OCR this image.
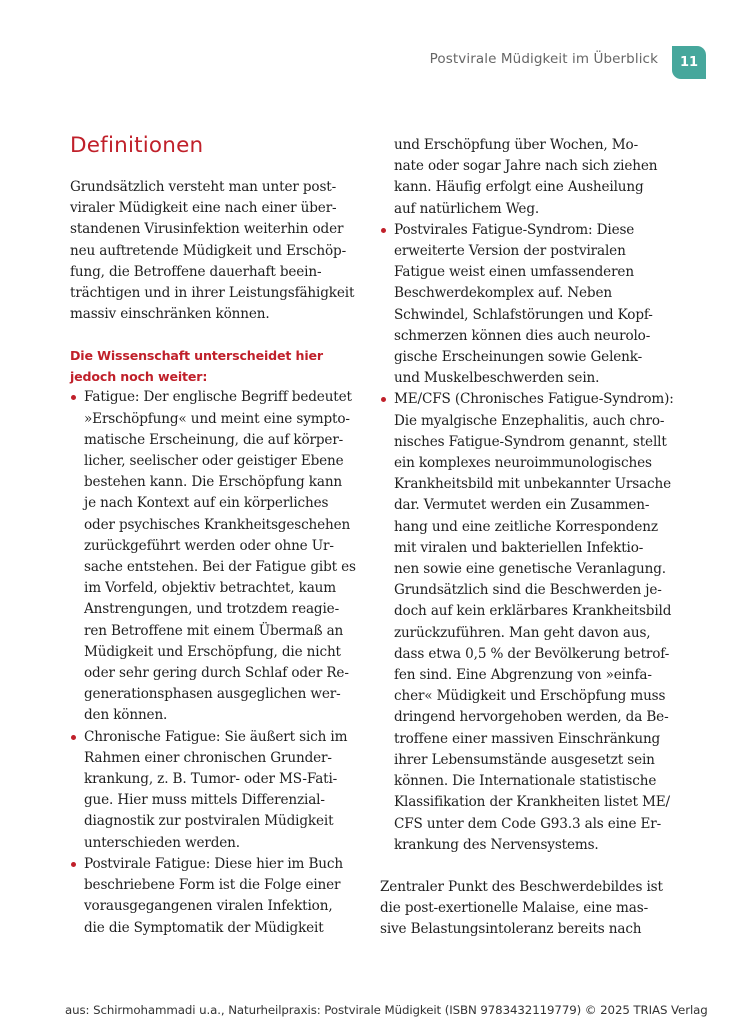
Postvirale Müdigkeit im Überblick	11
Definitionen

Grundsätzlich versteht man unter post-
viraler Müdigkeit eine nach einer über-
standenen Virusinfektion weiterhin oder
neu auftretende Müdigkeit und Erschöp-
fung, die Betroffene dauerhaft beein-
trächtigen und in ihrer Leistungsfähigkeit
massiv einschränken können.

Die Wissenschaft unterscheidet hier
jedoch noch weiter:

Fatigue: Der englische Begriff bedeutet
»Erschöpfung« und meint eine sympto-
matische Erscheinung, die auf körper-
licher, seelischer oder geistiger Ebene
bestehen kann. Die Erschöpfung kann
je nach Kontext auf ein körperliches
oder psychisches Krankheitsgeschehen
zurückgeführt werden oder ohne Ur-
sache entstehen. Bei der Fatigue gibt es
im Vorfeld, objektiv betrachtet, kaum
Anstrengungen, und trotzdem reagie-
ren Betroffene mit einem Übermaß an
Müdigkeit und Erschöpfung, die nicht
oder sehr gering durch Schlaf oder Re-
generationsphasen ausgeglichen wer-
den können.

Chronische Fatigue: Sie äußert sich im
Rahmen einer chronischen Grunder-
krankung, z. B. Tumor- oder MS-Fati-
gue. Hier muss mittels Differenzial-
diagnostik zur postviralen Müdigkeit
unterschieden werden.

Postvirale Fatigue: Diese hier im Buch
beschriebene Form ist die Folge einer
vorausgegangenen viralen Infektion,
die die Symptomatik der Müdigkeit

und Erschöpfung über Wochen, Mo-
nate oder sogar Jahre nach sich ziehen
kann. Häufig erfolgt eine Ausheilung
auf natürlichem Weg.

Postvirales Fatigue-Syndrom: Diese
erweiterte Version der postviralen
Fatigue weist einen umfassenderen
Beschwerdekomplex auf. Neben
Schwindel, Schlafstörungen und Kopf-
schmerzen können dies auch neurolo-
gische Erscheinungen sowie Gelenk-
und Muskelbeschwerden sein.

ME/CFS (Chronisches Fatigue-Syndrom):
Die myalgische Enzephalitis, auch chro-
nisches Fatigue-Syndrom genannt, stellt
ein komplexes neuroimmunologisches
Krankheitsbild mit unbekannter Ursache
dar. Vermutet werden ein Zusammen-
hang und eine zeitliche Korrespondenz
mit viralen und bakteriellen Infektio-
nen sowie eine genetische Veranlagung.
Grundsätzlich sind die Beschwerden je-
doch auf kein erklärbares Krankheitsbild
zurückzuführen. Man geht davon aus,
dass etwa 0,5 % der Bevölkerung betrof-
fen sind. Eine Abgrenzung von »einfa-
cher« Müdigkeit und Erschöpfung muss
dringend hervorgehoben werden, da Be-
troffene einer massiven Einschränkung
ihrer Lebensumstände ausgesetzt sein
können. Die Internationale statistische
Klassifikation der Krankheiten listet ME/
CFS unter dem Code G93.3 als eine Er-
krankung des Nervensystems.

Zentraler Punkt des Beschwerdebildes ist
die post-exertionelle Malaise, eine mas-
sive Belastungsintoleranz bereits nach

aus: Schirmohammadi u.a., Naturheilpraxis: Postvirale Müdigkeit (ISBN 9783432119779) © 2025 TRIAS Verlag
